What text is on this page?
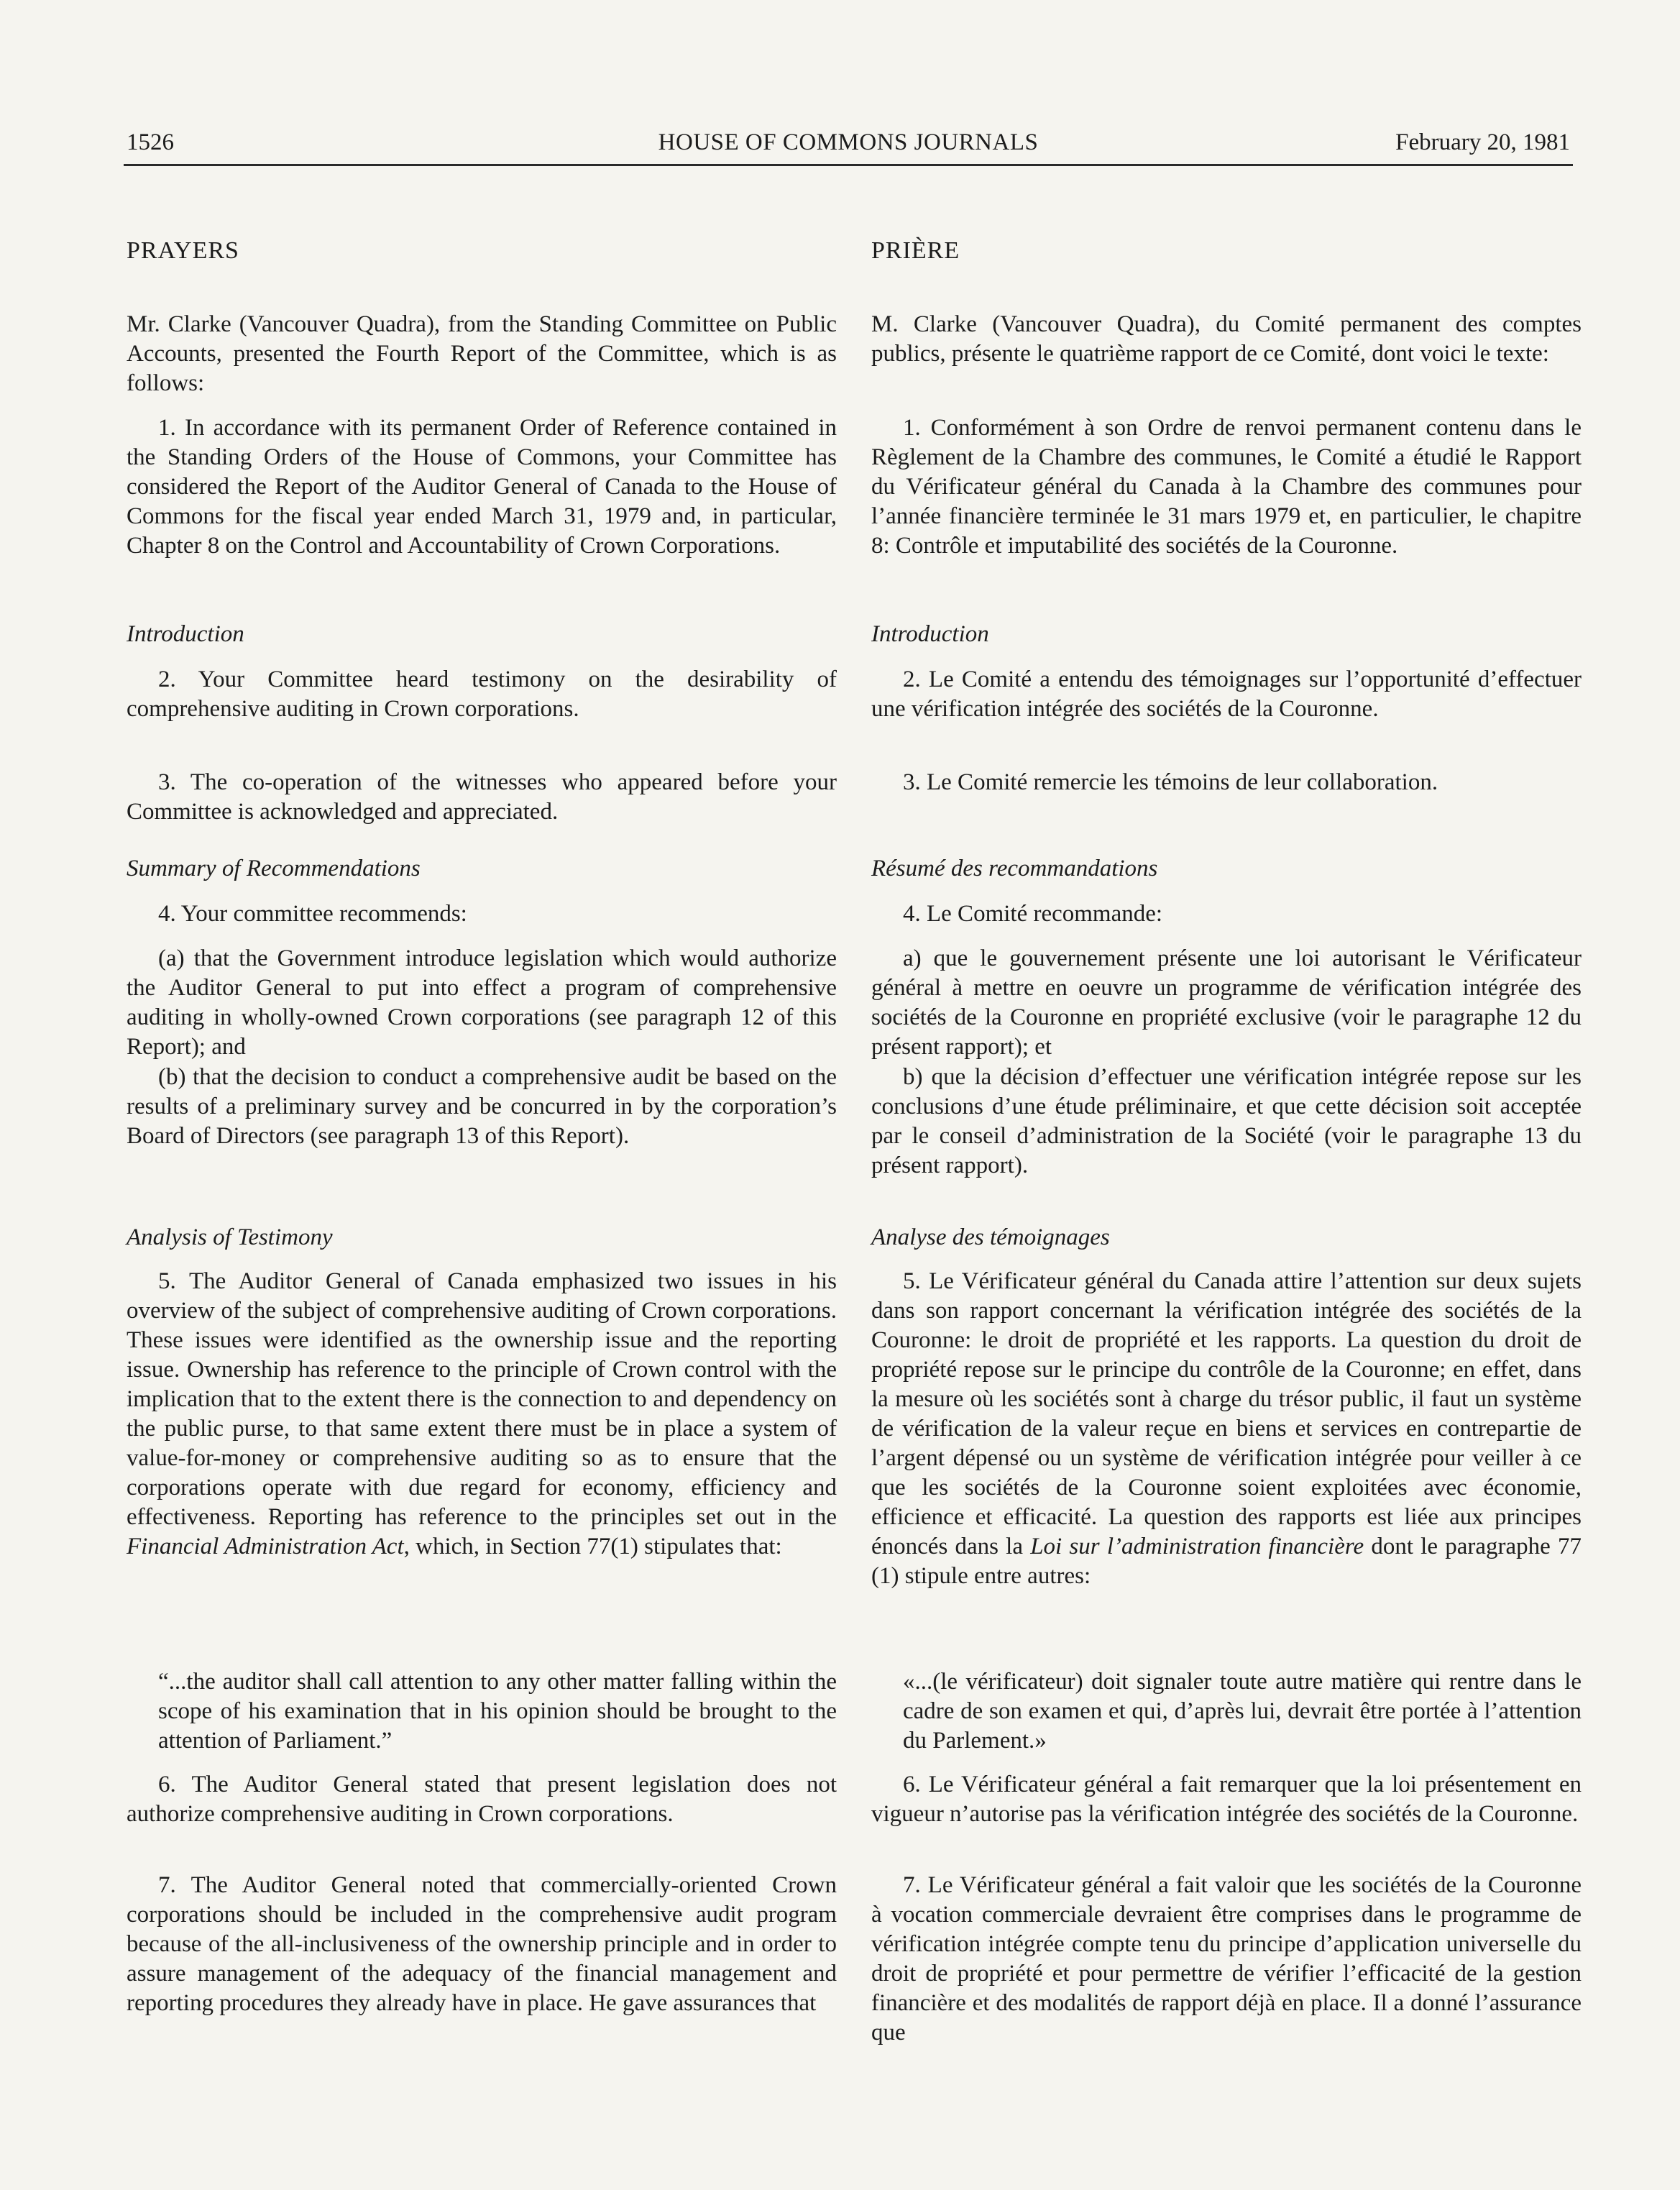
1526	HOUSE OF COMMONS JOURNALS	February 20, 1981
PRAYERS

Mr. Clarke (Vancouver Quadra), from the Standing Committee on Public Accounts, presented the Fourth Report of the Committee, which is as follows:

1. In accordance with its permanent Order of Reference contained in the Standing Orders of the House of Commons, your Committee has considered the Report of the Auditor General of Canada to the House of Commons for the fiscal year ended March 31, 1979 and, in particular, Chapter 8 on the Control and Accountability of Crown Corporations.

Introduction

2. Your Committee heard testimony on the desirability of comprehensive auditing in Crown corporations.

3. The co-operation of the witnesses who appeared before your Committee is acknowledged and appreciated.

Summary of Recommendations

4. Your committee recommends:

(a) that the Government introduce legislation which would authorize the Auditor General to put into effect a program of comprehensive auditing in wholly-owned Crown corporations (see paragraph 12 of this Report); and

(b) that the decision to conduct a comprehensive audit be based on the results of a preliminary survey and be concurred in by the corporation’s Board of Directors (see paragraph 13 of this Report).

Analysis of Testimony

5. The Auditor General of Canada emphasized two issues in his overview of the subject of comprehensive auditing of Crown corporations. These issues were identified as the ownership issue and the reporting issue. Ownership has reference to the principle of Crown control with the implication that to the extent there is the connection to and dependency on the public purse, to that same extent there must be in place a system of value-for-money or comprehensive auditing so as to ensure that the corporations operate with due regard for economy, efficiency and effectiveness. Reporting has reference to the principles set out in the Financial Administration Act, which, in Section 77(1) stipulates that:

“...the auditor shall call attention to any other matter falling within the scope of his examination that in his opinion should be brought to the attention of Parliament.”

6. The Auditor General stated that present legislation does not authorize comprehensive auditing in Crown corporations.

7. The Auditor General noted that commercially-oriented Crown corporations should be included in the comprehensive audit program because of the all-inclusiveness of the ownership principle and in order to assure management of the adequacy of the financial management and reporting procedures they already have in place. He gave assurances that

PRIÈRE

M. Clarke (Vancouver Quadra), du Comité permanent des comptes publics, présente le quatrième rapport de ce Comité, dont voici le texte:

1. Conformément à son Ordre de renvoi permanent contenu dans le Règlement de la Chambre des communes, le Comité a étudié le Rapport du Vérificateur général du Canada à la Chambre des communes pour l’année financière terminée le 31 mars 1979 et, en particulier, le chapitre 8: Contrôle et imputabilité des sociétés de la Couronne.

Introduction

2. Le Comité a entendu des témoignages sur l’opportunité d’effectuer une vérification intégrée des sociétés de la Couronne.

3. Le Comité remercie les témoins de leur collaboration.

Résumé des recommandations

4. Le Comité recommande:

a) que le gouvernement présente une loi autorisant le Vérificateur général à mettre en oeuvre un programme de vérification intégrée des sociétés de la Couronne en propriété exclusive (voir le paragraphe 12 du présent rapport); et

b) que la décision d’effectuer une vérification intégrée repose sur les conclusions d’une étude préliminaire, et que cette décision soit acceptée par le conseil d’administration de la Société (voir le paragraphe 13 du présent rapport).

Analyse des témoignages

5. Le Vérificateur général du Canada attire l’attention sur deux sujets dans son rapport concernant la vérification intégrée des sociétés de la Couronne: le droit de propriété et les rapports. La question du droit de propriété repose sur le principe du contrôle de la Couronne; en effet, dans la mesure où les sociétés sont à charge du trésor public, il faut un système de vérification de la valeur reçue en biens et services en contrepartie de l’argent dépensé ou un système de vérification intégrée pour veiller à ce que les sociétés de la Couronne soient exploitées avec économie, efficience et efficacité. La question des rapports est liée aux principes énoncés dans la Loi sur l’administration financière dont le paragraphe 77 (1) stipule entre autres:

«...(le vérificateur) doit signaler toute autre matière qui rentre dans le cadre de son examen et qui, d’après lui, devrait être portée à l’attention du Parlement.»

6. Le Vérificateur général a fait remarquer que la loi présentement en vigueur n’autorise pas la vérification intégrée des sociétés de la Couronne.

7. Le Vérificateur général a fait valoir que les sociétés de la Couronne à vocation commerciale devraient être comprises dans le programme de vérification intégrée compte tenu du principe d’application universelle du droit de propriété et pour permettre de vérifier l’efficacité de la gestion financière et des modalités de rapport déjà en place. Il a donné l’assurance que
